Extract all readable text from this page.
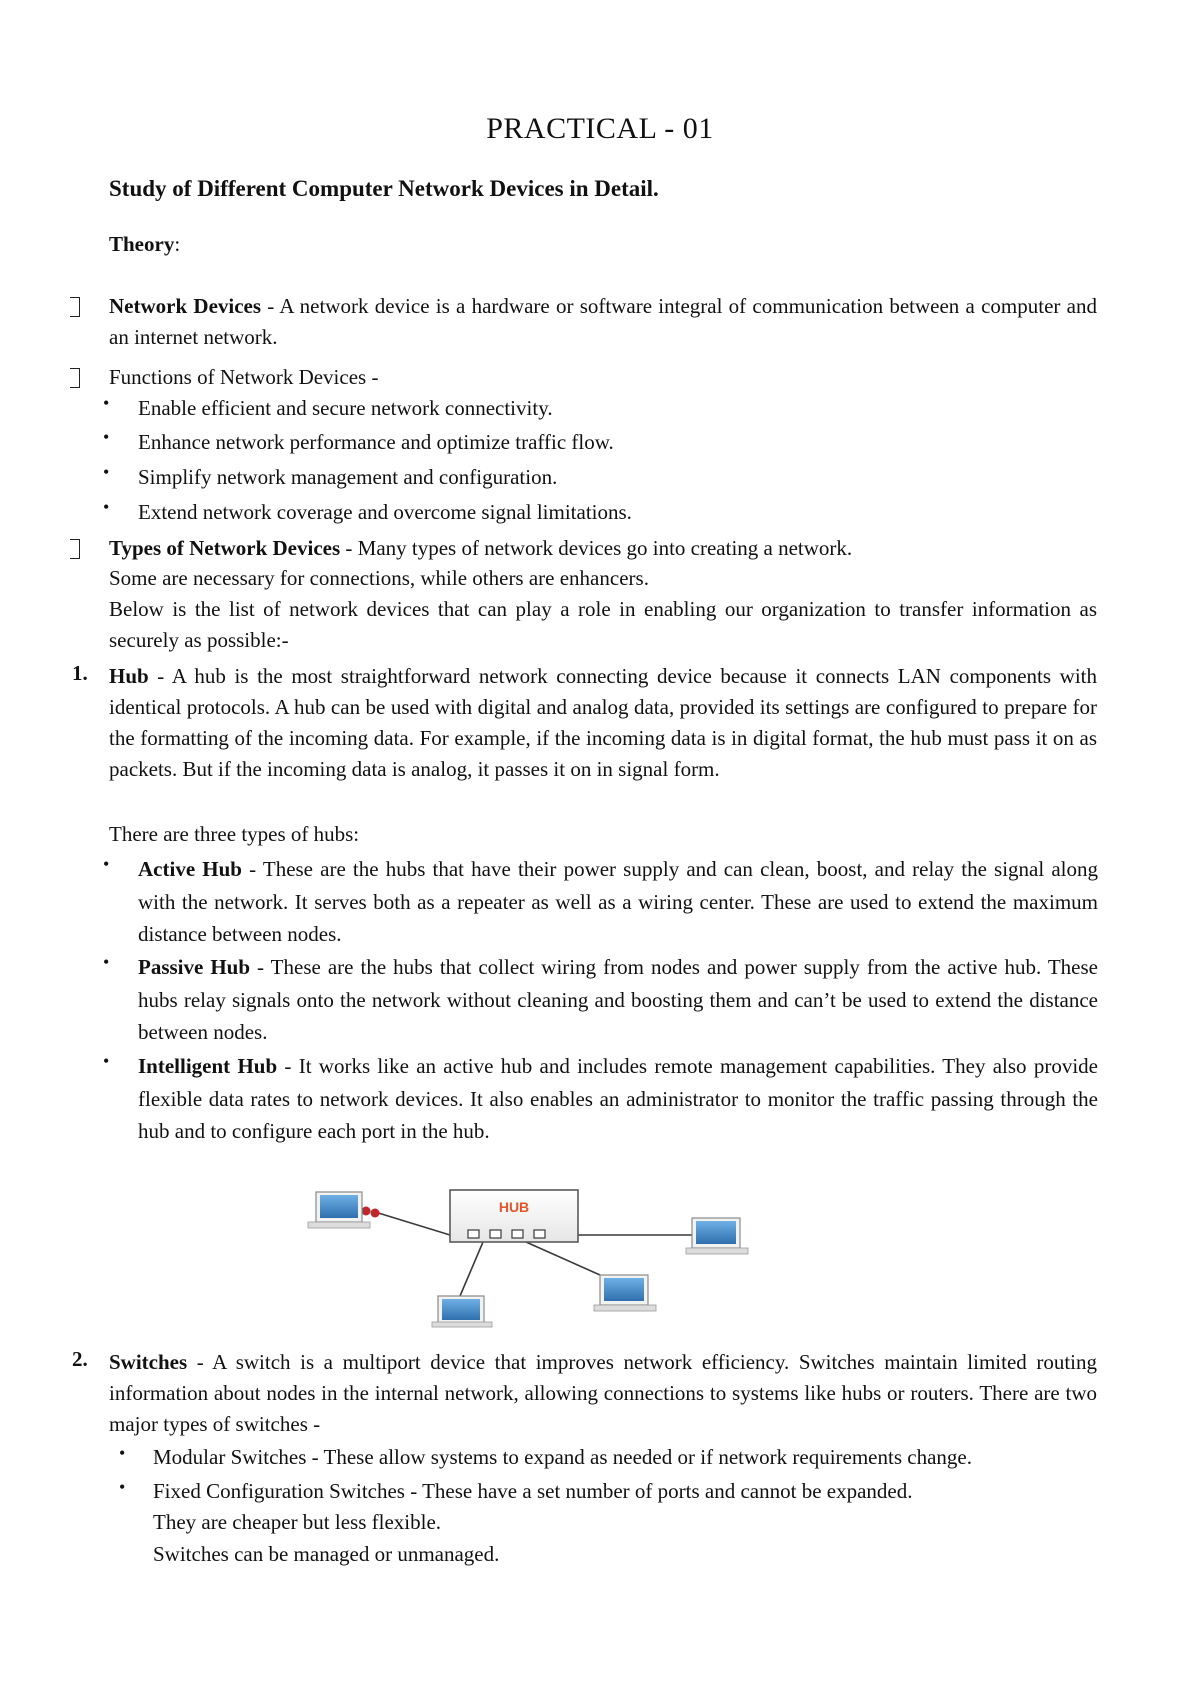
PRACTICAL - 01
Study of Different Computer Network Devices in Detail.
Theory:
Network Devices - A network device is a hardware or software integral of communication between a computer and an internet network.
Functions of Network Devices -
• Enable efficient and secure network connectivity.
• Enhance network performance and optimize traffic flow.
• Simplify network management and configuration.
• Extend network coverage and overcome signal limitations.
Types of Network Devices - Many types of network devices go into creating a network.
Some are necessary for connections, while others are enhancers.
Below is the list of network devices that can play a role in enabling our organization to transfer information as securely as possible:-
1. Hub - A hub is the most straightforward network connecting device because it connects LAN components with identical protocols. A hub can be used with digital and analog data, provided its settings are configured to prepare for the formatting of the incoming data. For example, if the incoming data is in digital format, the hub must pass it on as packets. But if the incoming data is analog, it passes it on in signal form.
There are three types of hubs:
• Active Hub - These are the hubs that have their power supply and can clean, boost, and relay the signal along with the network. It serves both as a repeater as well as a wiring center. These are used to extend the maximum distance between nodes.
• Passive Hub - These are the hubs that collect wiring from nodes and power supply from the active hub. These hubs relay signals onto the network without cleaning and boosting them and can’t be used to extend the distance between nodes.
• Intelligent Hub - It works like an active hub and includes remote management capabilities. They also provide flexible data rates to network devices. It also enables an administrator to monitor the traffic passing through the hub and to configure each port in the hub.
HUB
2. Switches - A switch is a multiport device that improves network efficiency. Switches maintain limited routing information about nodes in the internal network, allowing connections to systems like hubs or routers. There are two major types of switches -
• Modular Switches - These allow systems to expand as needed or if network requirements change.
• Fixed Configuration Switches - These have a set number of ports and cannot be expanded.
They are cheaper but less flexible.
Switches can be managed or unmanaged.
